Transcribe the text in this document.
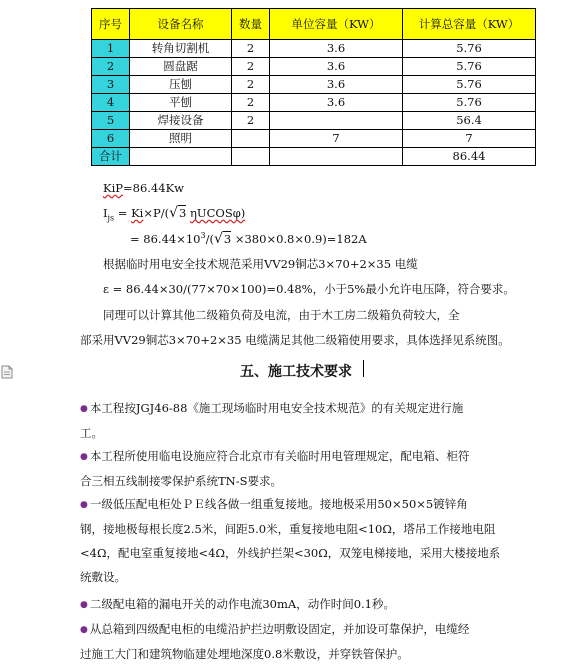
序号	设备名称	数量	单位容量（KW）	计算总容量（KW）
1	转角切割机	2	3.6	5.76
2	圆盘踞	2	3.6	5.76
3	压刨	2	3.6	5.76
4	平刨	2	3.6	5.76
5	焊接设备	2		56.4
6	照明		7	7
合计				86.44
KiP=86.44Kw
$I_{js} = Ki\times P/(√3$ ηUCOSφ)
= $86.44\times 10^3/(√3 \times 380\times 0.8\times 0.9)=182A$
根据临时用电安全技术规范采用VV29铜芯3×70+2×35 电缆
ε = 86.44×30/(77×70×100)=0.48%，小于5%最小允许电压降，符合要求。
同理可以计算其他二级箱负荷及电流，由于木工房二级箱负荷较大，全
部采用VV29铜芯3×70+2×35 电缆满足其他二级箱使用要求，具体选择见系统图。
五、施工技术要求
● 本工程按JGJ46-88《施工现场临时用电安全技术规范》的有关规定进行施
工。
● 本工程所使用临电设施应符合北京市有关临时用电管理规定，配电箱、柜符
合三相五线制接零保护系统TN-S要求。
● 一级低压配电柜处ＰＥ线各做一组重复接地。接地极采用50×50×5镀锌角
钢，接地极每根长度2.5米，间距5.0米，重复接地电阻<10Ω，塔吊工作接地电阻
<4Ω，配电室重复接地<4Ω，外线护拦架<30Ω，双笼电梯接地，采用大楼接地系
统敷设。
● 二级配电箱的漏电开关的动作电流30mA，动作时间0.1秒。
● 从总箱到四级配电柜的电缆沿护拦边明敷设固定，并加设可靠保护，电缆经
过施工大门和建筑物临建处埋地深度0.8米敷设，并穿铁管保护。
